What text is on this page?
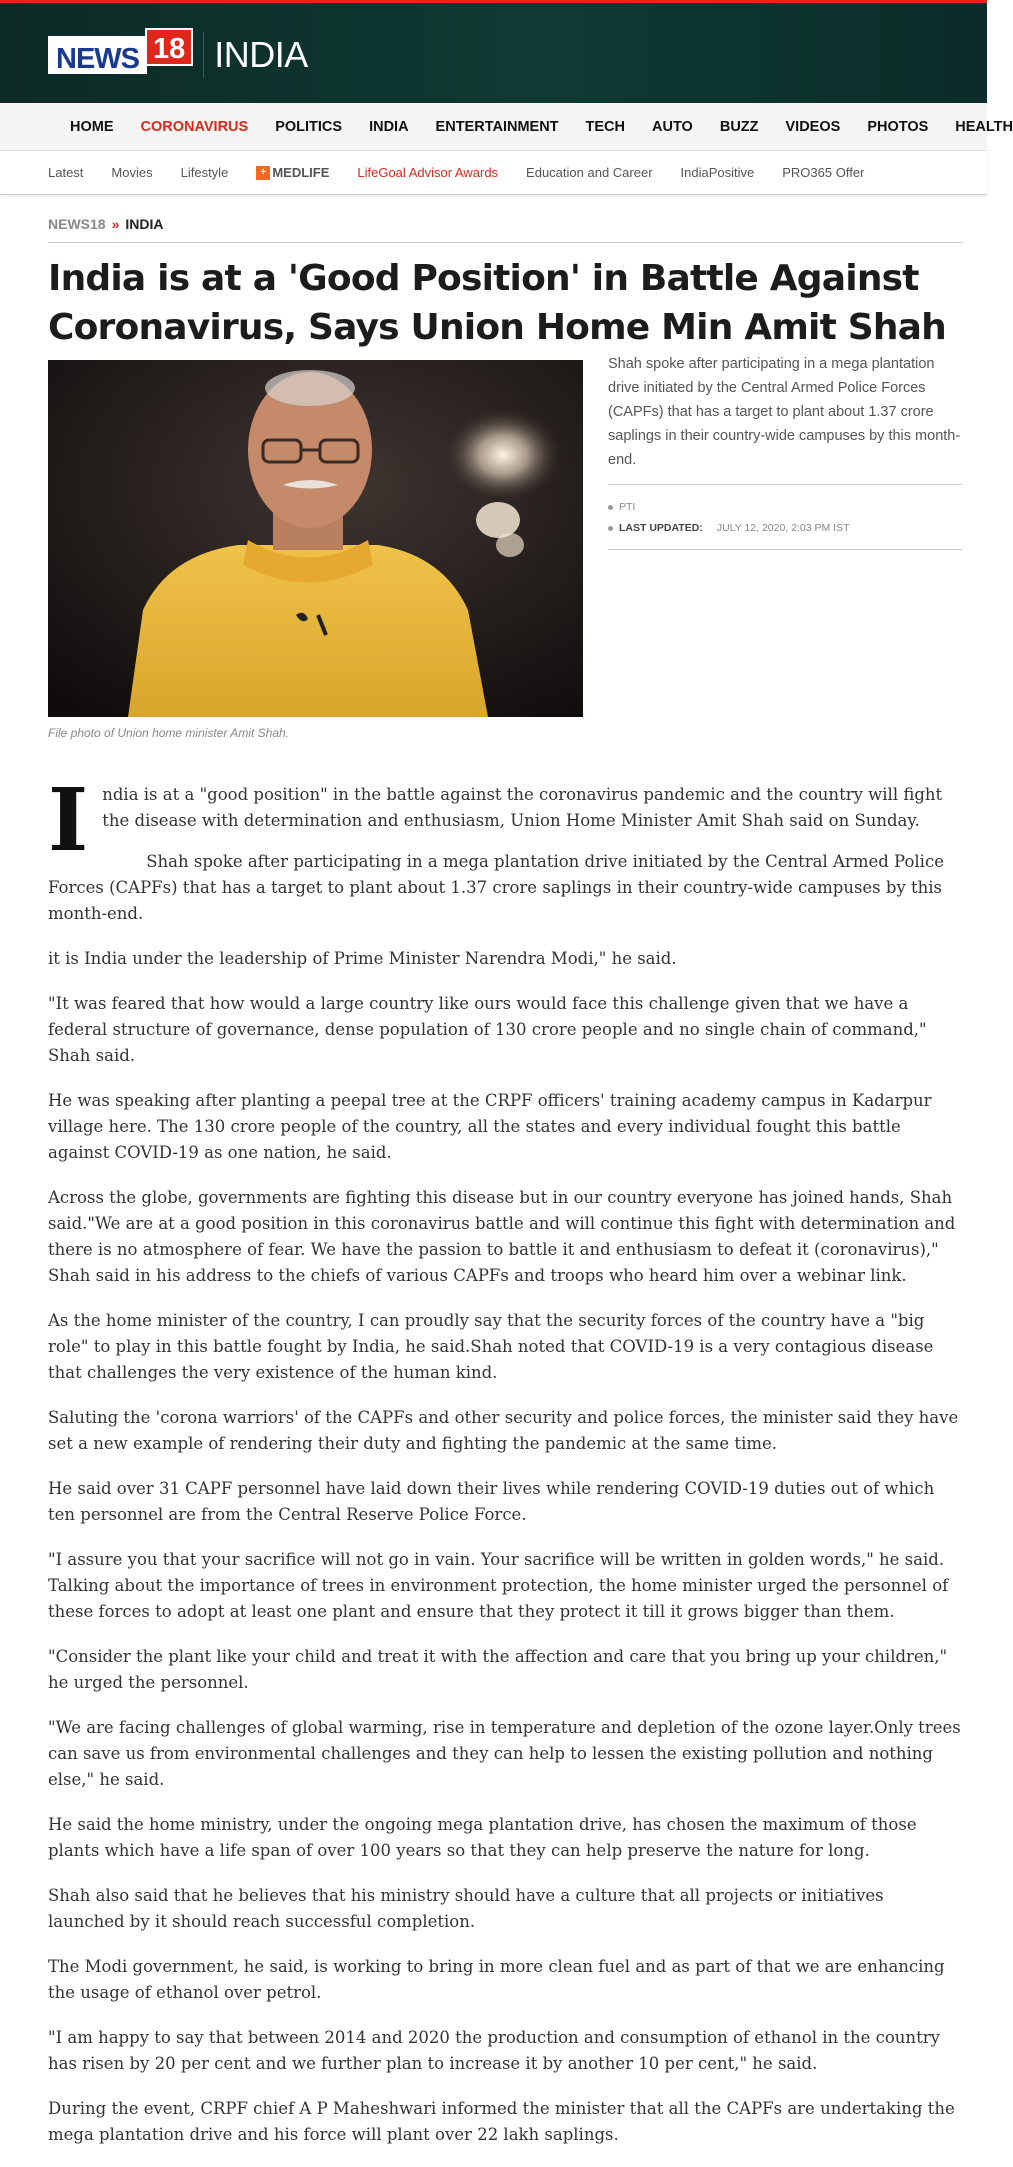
NEWS 18 INDIA
HOME CORONAVIRUS POLITICS INDIA ENTERTAINMENT TECH AUTO BUZZ VIDEOS PHOTOS HEALTH
Latest Movies Lifestyle	+ MEDLIFE LifeGoal Advisor Awards Education and Career IndiaPositive PRO365 Offer
NEWS18 » INDIA
India is at a 'Good Position' in Battle Against Coronavirus, Says Union Home Min Amit Shah
File photo of Union home minister Amit Shah.

Shah spoke after participating in a mega plantation drive initiated by the Central Armed Police Forces (CAPFs) that has a target to plant about 1.37 crore saplings in their country-wide campuses by this month-end.

PTI
LAST UPDATED: JULY 12, 2020, 2:03 PM IST

India is at a "good position" in the battle against the coronavirus pandemic and the country will fight the disease with determination and enthusiasm, Union Home Minister Amit Shah said on Sunday.

Shah spoke after participating in a mega plantation drive initiated by the Central Armed Police Forces (CAPFs) that has a target to plant about 1.37 crore saplings in their country-wide campuses by this month-end.

it is India under the leadership of Prime Minister Narendra Modi," he said.

"It was feared that how would a large country like ours would face this challenge given that we have a federal structure of governance, dense population of 130 crore people and no single chain of command," Shah said.

He was speaking after planting a peepal tree at the CRPF officers' training academy campus in Kadarpur village here. The 130 crore people of the country, all the states and every individual fought this battle against COVID-19 as one nation, he said.

Across the globe, governments are fighting this disease but in our country everyone has joined hands, Shah said."We are at a good position in this coronavirus battle and will continue this fight with determination and there is no atmosphere of fear. We have the passion to battle it and enthusiasm to defeat it (coronavirus)," Shah said in his address to the chiefs of various CAPFs and troops who heard him over a webinar link.

As the home minister of the country, I can proudly say that the security forces of the country have a "big role" to play in this battle fought by India, he said.Shah noted that COVID-19 is a very contagious disease that challenges the very existence of the human kind.

Saluting the 'corona warriors' of the CAPFs and other security and police forces, the minister said they have set a new example of rendering their duty and fighting the pandemic at the same time.

He said over 31 CAPF personnel have laid down their lives while rendering COVID-19 duties out of which ten personnel are from the Central Reserve Police Force.

"I assure you that your sacrifice will not go in vain. Your sacrifice will be written in golden words," he said. Talking about the importance of trees in environment protection, the home minister urged the personnel of these forces to adopt at least one plant and ensure that they protect it till it grows bigger than them.

"Consider the plant like your child and treat it with the affection and care that you bring up your children," he urged the personnel.

"We are facing challenges of global warming, rise in temperature and depletion of the ozone layer.Only trees can save us from environmental challenges and they can help to lessen the existing pollution and nothing else," he said.

He said the home ministry, under the ongoing mega plantation drive, has chosen the maximum of those plants which have a life span of over 100 years so that they can help preserve the nature for long.

Shah also said that he believes that his ministry should have a culture that all projects or initiatives launched by it should reach successful completion.

The Modi government, he said, is working to bring in more clean fuel and as part of that we are enhancing the usage of ethanol over petrol.

"I am happy to say that between 2014 and 2020 the production and consumption of ethanol in the country has risen by 20 per cent and we further plan to increase it by another 10 per cent," he said.

During the event, CRPF chief A P Maheshwari informed the minister that all the CAPFs are undertaking the mega plantation drive and his force will plant over 22 lakh saplings.
